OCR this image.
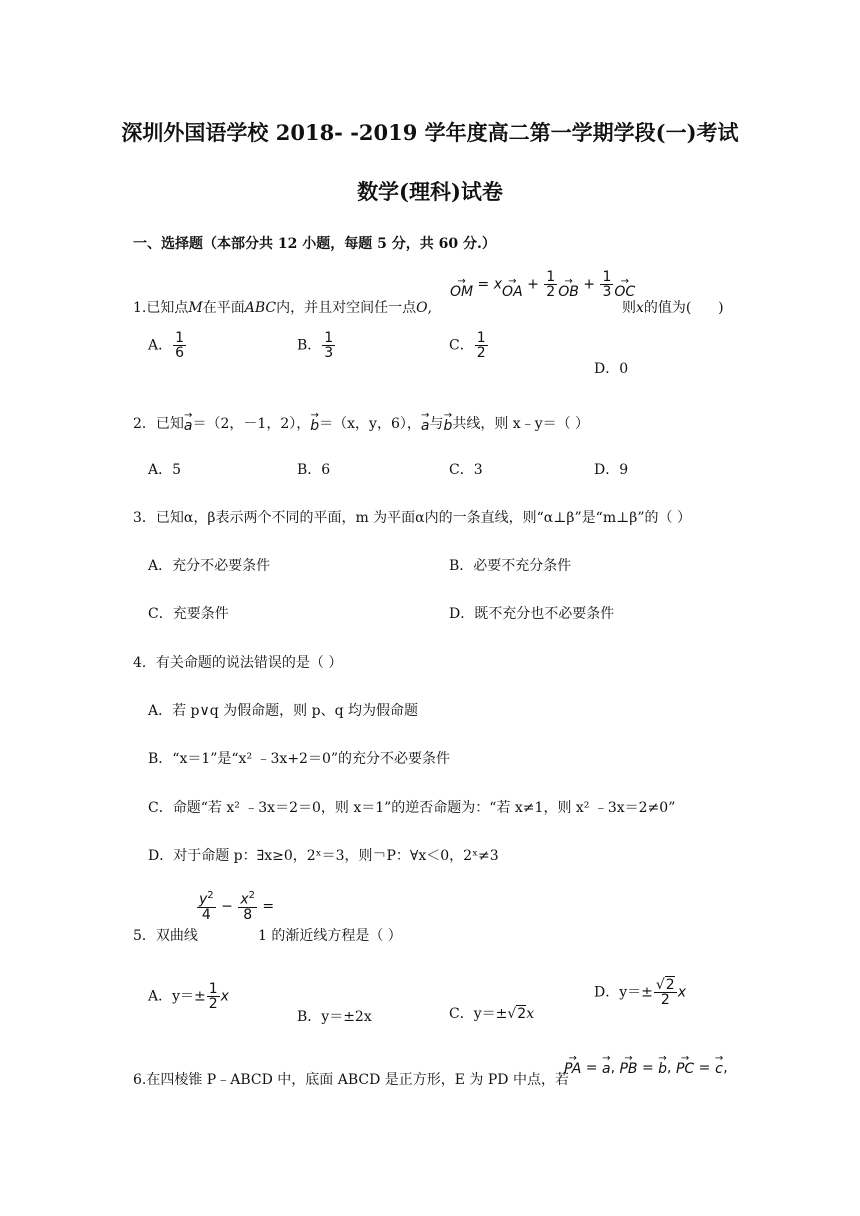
深圳外国语学校 2018- -2019 学年度高二第一学期学段(一)考试
数学(理科)试卷
一、选择题（本部分共 12 小题，每题 5 分，共 60 分.）
1.已知点M在平面ABC内，并且对空间任一点O,
→
OM = x →
OA + $\frac{1}{2}$ →
OB + $\frac{1}{3}$ →
OC
则x的值为( )
A． $\frac{1}{6}$	B． $\frac{1}{3}$	C． $\frac{1}{2}$
D．0
2．已知
→
a ＝（2，－1，2），
→
b ＝（x，y，6），
→
a 与
→
b 共线，则 x﹣y＝（ ）
A．5	B．6	C．3	D．9
3．已知α，β表示两个不同的平面，m 为平面α内的一条直线，则“α⊥β”是“m⊥β”的（ ）
A．充分不必要条件	B．必要不充分条件
C．充要条件	D．既不充分也不必要条件
4．有关命题的说法错误的是（ ）
A．若 p∨q 为假命题，则 p、q 均为假命题
B．“x＝1”是“x² ﹣3x+2＝0”的充分不必要条件
C．命题“若 x² ﹣3x＝2＝0，则 x＝1”的逆否命题为：“若 x≠1，则 x² ﹣3x＝2≠0”
D．对于命题 p：∃x≥0，2ˣ＝3，则￢P：∀x＜0，2ˣ≠3
5．双曲线
$\frac{y^2}{4} - \frac{x^2}{8}$ =
1 的渐近线方程是（ ）
A．$y=\pm \frac{1}{2}$ x
B．y＝±2x	C．y＝±√2x
D．$y=\pm \frac{√2}{2}$ x
6.在四棱锥 P﹣ABCD 中，底面 ABCD 是正方形，E 为 PD 中点，若
→
PA =
→
a ,
→
PB =
→
b ,
→
PC =
→
c ,
